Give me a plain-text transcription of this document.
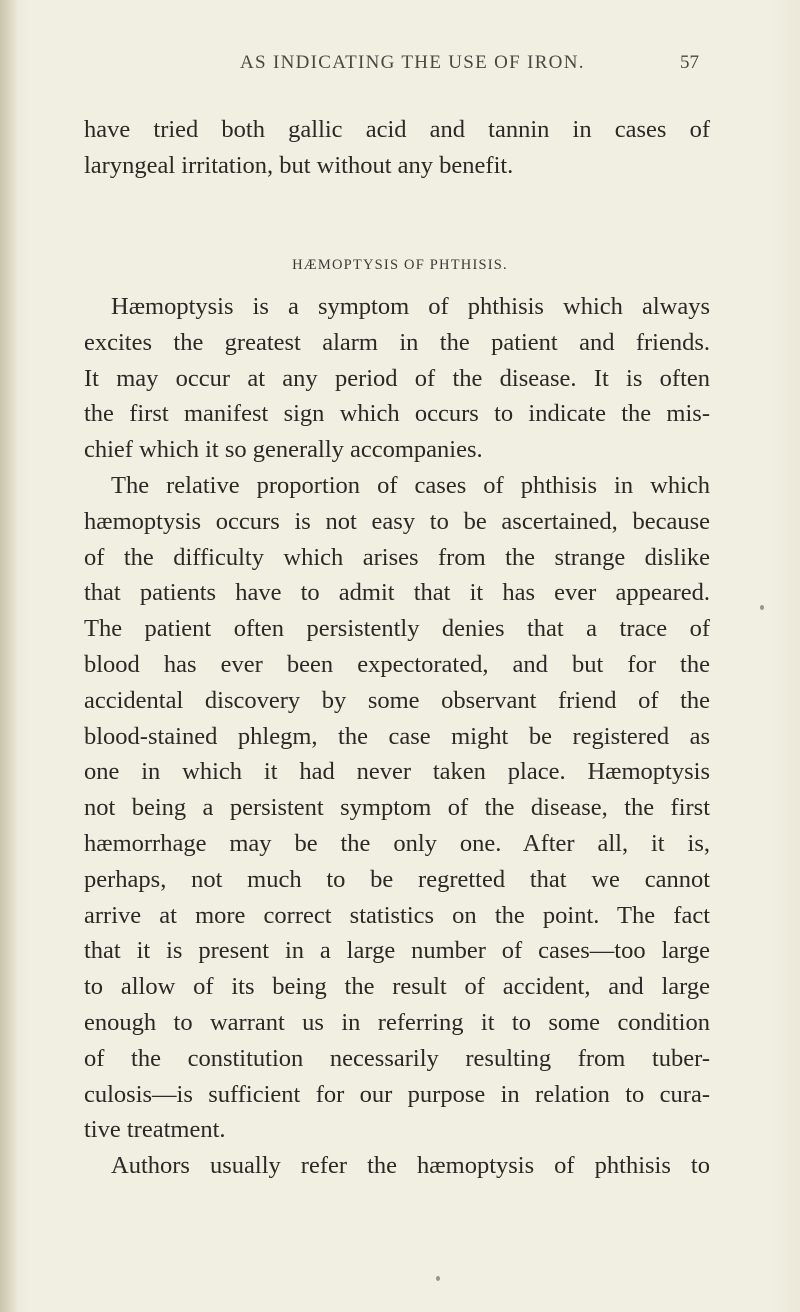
AS INDICATING THE USE OF IRON.	57
have tried both gallic acid and tannin in cases of
laryngeal irritation, but without any benefit.
HÆMOPTYSIS OF PHTHISIS.
Hæmoptysis is a symptom of phthisis which always
excites the greatest alarm in the patient and friends.
It may occur at any period of the disease. It is often
the first manifest sign which occurs to indicate the mis-
chief which it so generally accompanies.
The relative proportion of cases of phthisis in which
hæmoptysis occurs is not easy to be ascertained, because
of the difficulty which arises from the strange dislike
that patients have to admit that it has ever appeared.
The patient often persistently denies that a trace of
blood has ever been expectorated, and but for the
accidental discovery by some observant friend of the
blood-stained phlegm, the case might be registered as
one in which it had never taken place. Hæmoptysis
not being a persistent symptom of the disease, the first
hæmorrhage may be the only one. After all, it is,
perhaps, not much to be regretted that we cannot
arrive at more correct statistics on the point. The fact
that it is present in a large number of cases—too large
to allow of its being the result of accident, and large
enough to warrant us in referring it to some condition
of the constitution necessarily resulting from tuber-
culosis—is sufficient for our purpose in relation to cura-
tive treatment.
Authors usually refer the hæmoptysis of phthisis to
